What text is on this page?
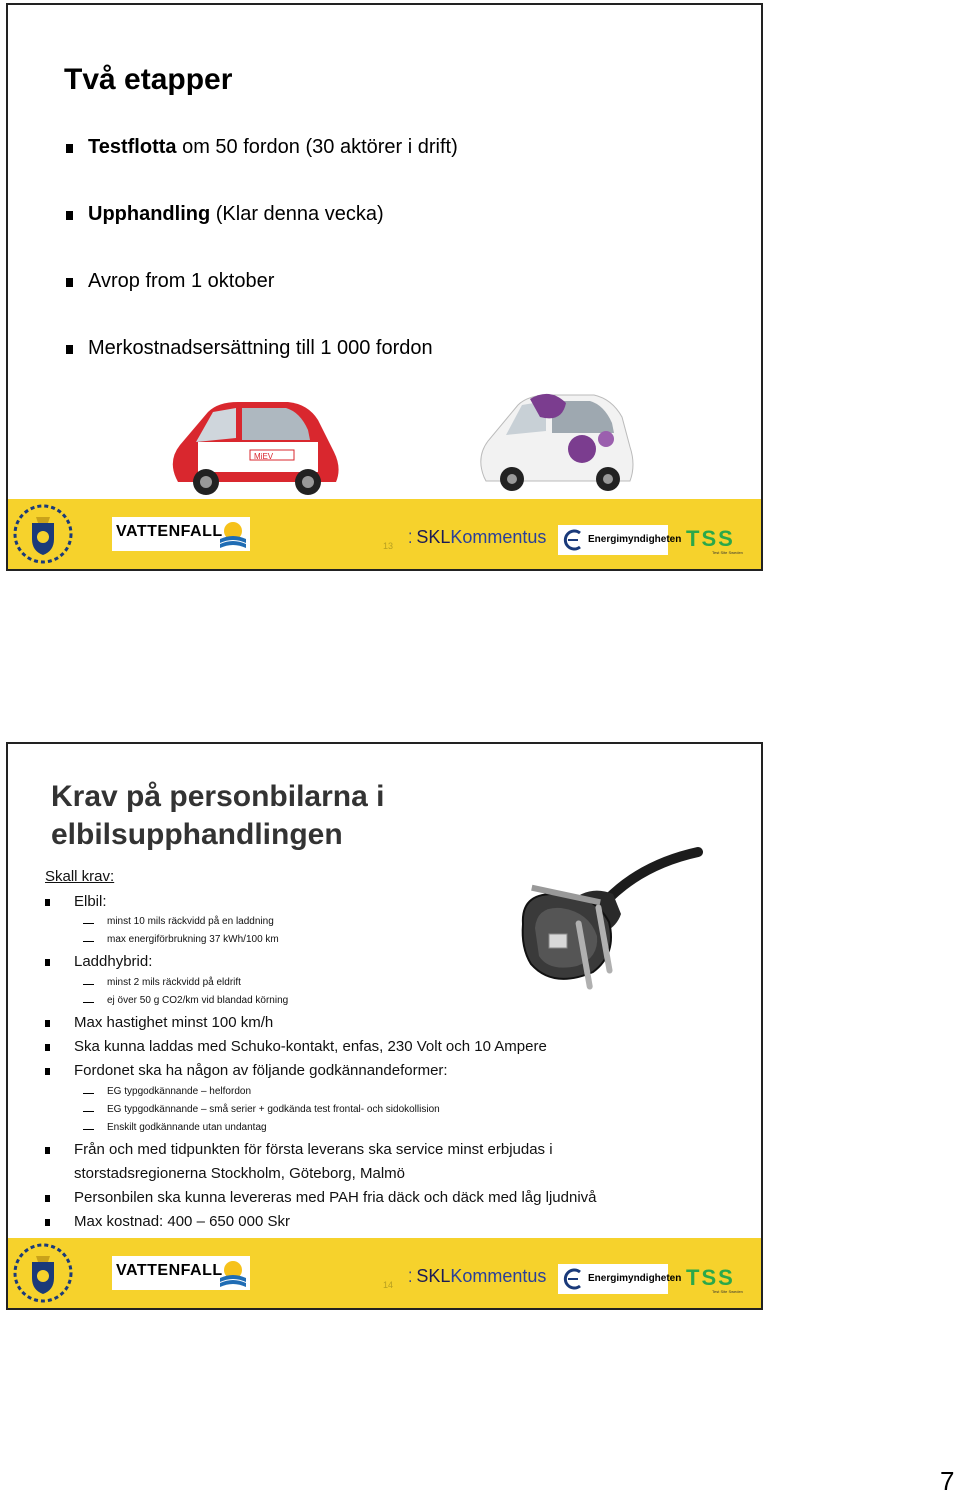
Två etapper
Testflotta om 50 fordon (30 aktörer i drift)
Upphandling (Klar denna vecka)
Avrop from 1 oktober
Merkostnadsersättning till 1 000 fordon
MiEV
VATTENFALL
13 ⁚ SKLKommentus	Energimyndigheten TSS
Test Site Sweden
Krav på personbilarna i
elbilsupphandlingen
Skall krav:
Elbil:
minst 10 mils räckvidd på en laddning
max energiförbrukning 37 kWh/100 km
Laddhybrid:
minst 2 mils räckvidd på eldrift
ej över 50 g CO2/km vid blandad körning
Max hastighet minst 100 km/h
Ska kunna laddas med Schuko-kontakt, enfas, 230 Volt och 10 Ampere
Fordonet ska ha någon av följande godkännandeformer:
EG typgodkännande – helfordon
EG typgodkännande – små serier + godkända test frontal- och sidokollision
Enskilt godkännande utan undantag
Från och med tidpunkten för första leverans ska service minst erbjudas i
storstadsregionerna Stockholm, Göteborg, Malmö
Personbilen ska kunna levereras med PAH fria däck och däck med låg ljudnivå
Max kostnad: 400 – 650 000 Skr
VATTENFALL
14 ⁚ SKLKommentus	Energimyndigheten TSS
Test Site Sweden
7
